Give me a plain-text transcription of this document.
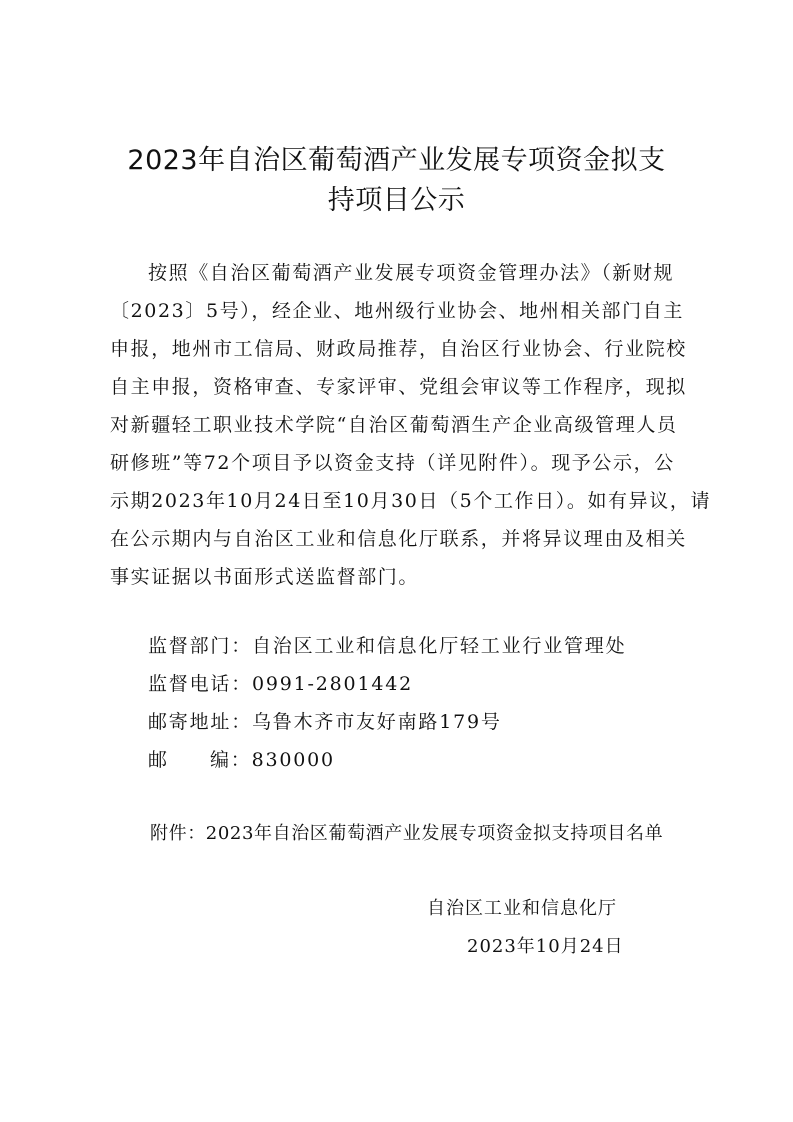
2023年自治区葡萄酒产业发展专项资金拟支
持项目公示
按照《自治区葡萄酒产业发展专项资金管理办法》（新财规
〔2023〕5号），经企业、地州级行业协会、地州相关部门自主
申报，地州市工信局、财政局推荐，自治区行业协会、行业院校
自主申报，资格审查、专家评审、党组会审议等工作程序，现拟
对新疆轻工职业技术学院“自治区葡萄酒生产企业高级管理人员
研修班”等72个项目予以资金支持（详见附件）。现予公示，公
示期2023年10月24日至10月30日（5个工作日）。如有异议，请
在公示期内与自治区工业和信息化厅联系，并将异议理由及相关
事实证据以书面形式送监督部门。
监督部门：自治区工业和信息化厅轻工业行业管理处
监督电话：0991-2801442
邮寄地址：乌鲁木齐市友好南路179号
邮 编：830000
附件：2023年自治区葡萄酒产业发展专项资金拟支持项目名单
自治区工业和信息化厅
2023年10月24日
